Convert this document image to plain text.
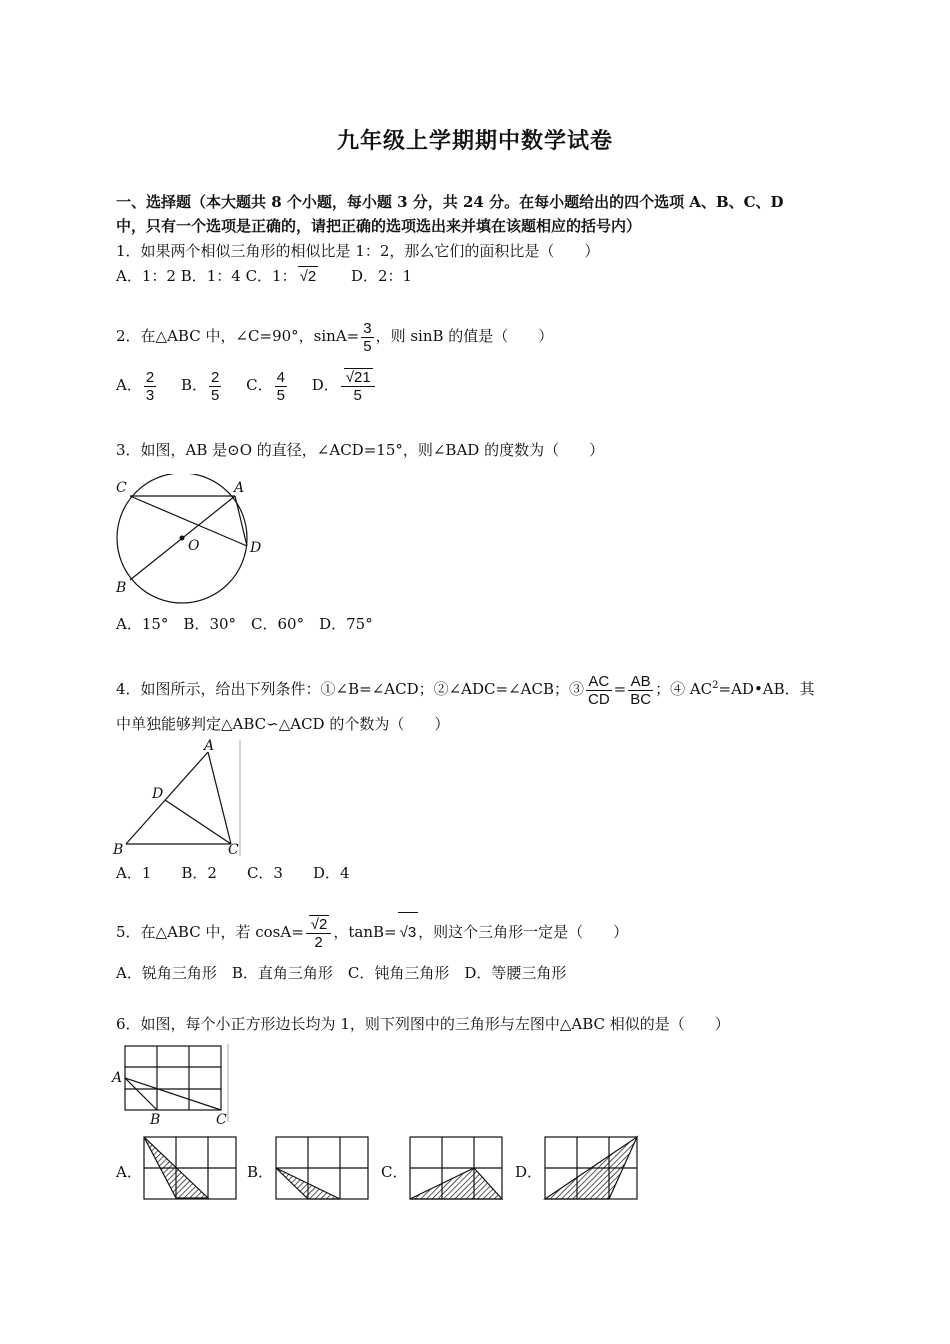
九年级上学期期中数学试卷
一、选择题（本大题共 8 个小题，每小题 3 分，共 24 分。在每小题给出的四个选项 A、B、C、D
中，只有一个选项是正确的，请把正确的选项选出来并填在该题相应的括号内）
1．如果两个相似三角形的相似比是 1：2，那么它们的面积比是（　　）
A．1：2 B．1：4 C．1： √2 D．2：1
2．在△ABC 中，∠C=90°，$\sin A= \frac{3}{5}$ ，则 sinB 的值是（　　）
A． $\frac{2}{3}$ B． $\frac{2}{5}$ C． $\frac{4}{5}$ D． $\frac{√21}{5}$
3．如图，AB 是⊙O 的直径，∠ACD=15°，则∠BAD 的度数为（　　）
C	A
O	D
B
A．15°　B．30°　C．60°　D．75°
4．如图所示，给出下列条件：①∠B=∠ACD；②∠ADC=∠ACB；③ $\frac{AC}{CD} = \frac{AB}{BC}$ ；④ $AC^2=AD•AB$．其
中单独能够判定△ABC∽△ACD 的个数为（　　）
A
D
B	C
A．1　　B．2　　C．3　　D．4
5．在△ABC 中，若 $\cos A= \frac{√2}{2}$ ，tanB= √3 ，则这个三角形一定是（　　）
A．锐角三角形　B．直角三角形　C．钝角三角形　D．等腰三角形
6．如图，每个小正方形边长均为 1，则下列图中的三角形与左图中△ABC 相似的是（　　）
A
B	C
A．	B．	C．	D．
